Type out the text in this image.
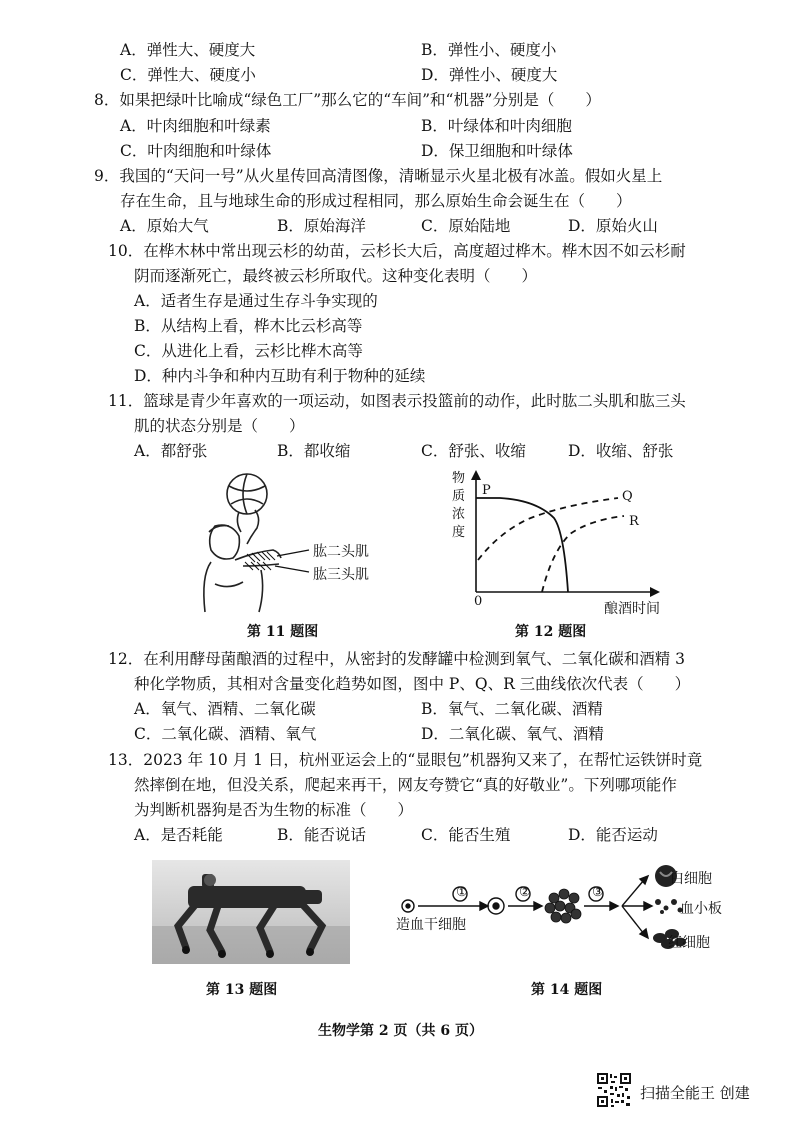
A．弹性大、硬度大	B．弹性小、硬度小
C．弹性大、硬度小	D．弹性小、硬度大
8．如果把绿叶比喻成“绿色工厂”那么它的“车间”和“机器”分别是（　　）
A．叶肉细胞和叶绿素	B．叶绿体和叶肉细胞
C．叶肉细胞和叶绿体	D．保卫细胞和叶绿体
9．我国的“天问一号”从火星传回高清图像，清晰显示火星北极有冰盖。假如火星上
存在生命，且与地球生命的形成过程相同，那么原始生命会诞生在（　　）
A．原始大气	B．原始海洋	C．原始陆地	D．原始火山
10．在桦木林中常出现云杉的幼苗，云杉长大后，高度超过桦木。桦木因不如云杉耐
阴而逐渐死亡，最终被云杉所取代。这种变化表明（　　）
A．适者生存是通过生存斗争实现的
B．从结构上看，桦木比云杉高等
C．从进化上看，云杉比桦木高等
D．种内斗争和种内互助有利于物种的延续
11．篮球是青少年喜欢的一项运动，如图表示投篮前的动作，此时肱二头肌和肱三头
肌的状态分别是（　　）
A．都舒张	B．都收缩	C．舒张、收缩	D．收缩、舒张
肱二头肌
肱三头肌
第 11 题图
物
质
浓
度
P	Q
R
0	酿酒时间
第 12 题图
12．在利用酵母菌酿酒的过程中，从密封的发酵罐中检测到氧气、二氧化碳和酒精 3
种化学物质，其相对含量变化趋势如图，图中 P、Q、R 三曲线依次代表（　　）
A．氧气、酒精、二氧化碳	B．氧气、二氧化碳、酒精
C．二氧化碳、酒精、氧气	D．二氧化碳、氧气、酒精
13．2023 年 10 月 1 日，杭州亚运会上的“显眼包”机器狗又来了，在帮忙运铁饼时竟
然摔倒在地，但没关系，爬起来再干，网友夸赞它“真的好敬业”。下列哪项能作
为判断机器狗是否为生物的标准（　　）
A．是否耗能	B．能否说话	C．能否生殖	D．能否运动
第 13 题图
①	②	③
造血干细胞
白细胞
血小板
红细胞
第 14 题图
生物学第 2 页（共 6 页）
扫描全能王 创建
